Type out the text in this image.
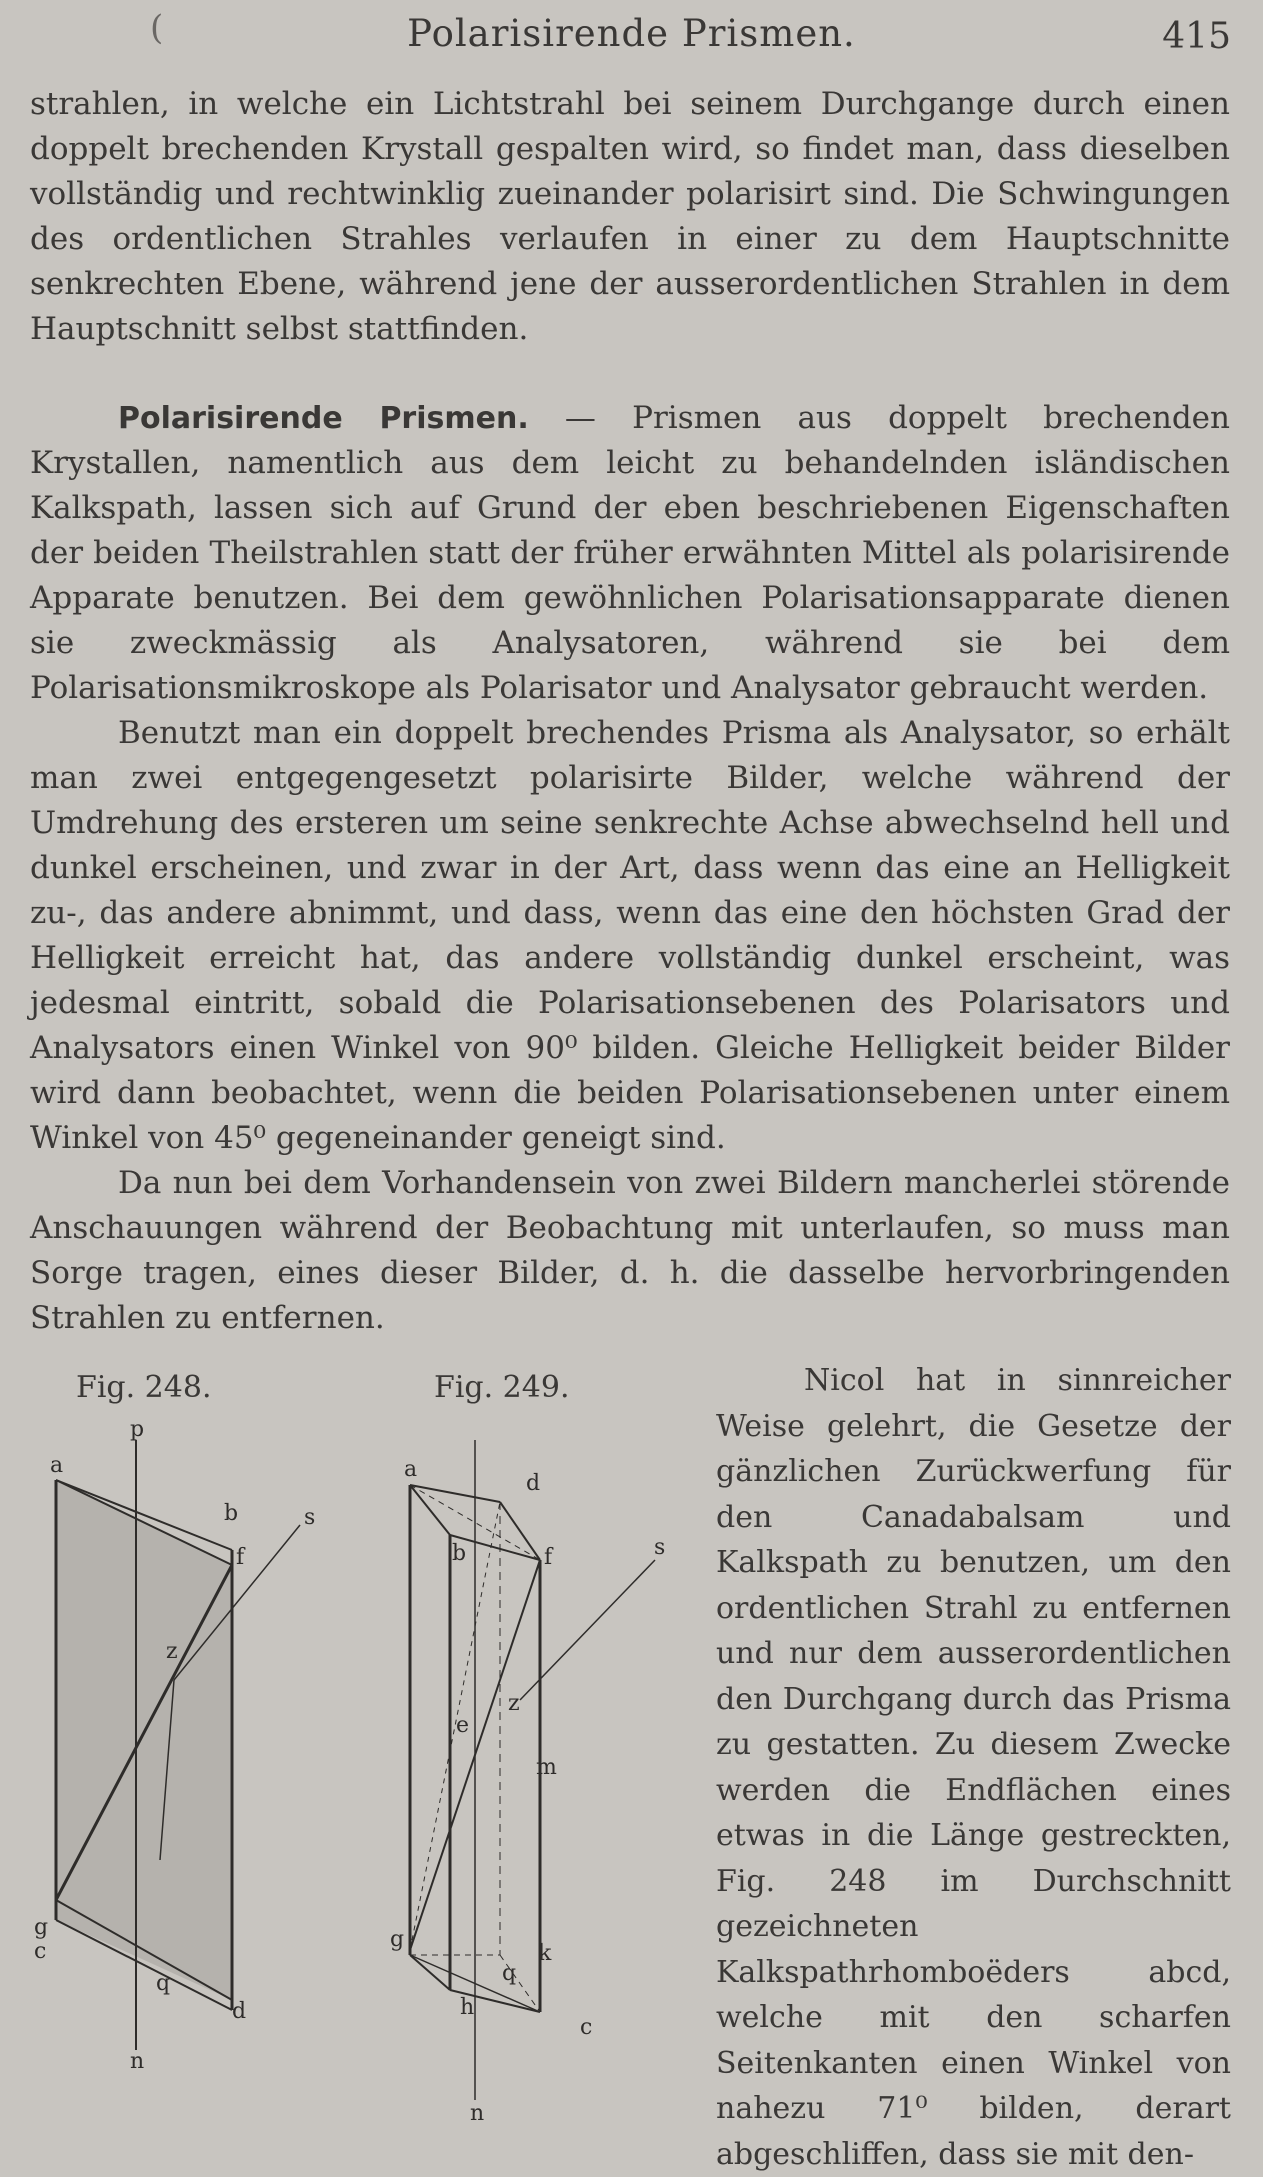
(	Polarisirende Prismen.	415

strahlen, in welche ein Lichtstrahl bei seinem Durchgange durch einen doppelt brechenden Krystall gespalten wird, so findet man, dass dieselben vollständig und rechtwinklig zueinander polarisirt sind. Die Schwingungen des ordentlichen Strahles verlaufen in einer zu dem Hauptschnitte senkrechten Ebene, während jene der ausserordentlichen Strahlen in dem Hauptschnitt selbst stattfinden.

Polarisirende Prismen. — Prismen aus doppelt brechenden Krystallen, namentlich aus dem leicht zu behandelnden isländischen Kalkspath, lassen sich auf Grund der eben beschriebenen Eigenschaften der beiden Theilstrahlen statt der früher erwähnten Mittel als polarisirende Apparate benutzen. Bei dem gewöhnlichen Polarisationsapparate dienen sie zweckmässig als Analysatoren, während sie bei dem Polarisationsmikroskope als Polarisator und Analysator gebraucht werden.

Benutzt man ein doppelt brechendes Prisma als Analysator, so erhält man zwei entgegengesetzt polarisirte Bilder, welche während der Umdrehung des ersteren um seine senkrechte Achse abwechselnd hell und dunkel erscheinen, und zwar in der Art, dass wenn das eine an Helligkeit zu-, das andere abnimmt, und dass, wenn das eine den höchsten Grad der Helligkeit erreicht hat, das andere vollständig dunkel erscheint, was jedesmal eintritt, sobald die Polarisationsebenen des Polarisators und Analysators einen Winkel von 90⁰ bilden. Gleiche Helligkeit beider Bilder wird dann beobachtet, wenn die beiden Polarisationsebenen unter einem Winkel von 45⁰ gegeneinander geneigt sind.

Da nun bei dem Vorhandensein von zwei Bildern mancherlei störende Anschauungen während der Beobachtung mit unterlaufen, so muss man Sorge tragen, eines dieser Bilder, d. h. die dasselbe hervorbringenden Strahlen zu entfernen.

Fig. 248.	Fig. 249.
a
p
b
f
s
z
g
c
q
d
n
a
d
b	f	s
z
e
m
g
k
q
h
c
n

Nicol hat in sinnreicher Weise gelehrt, die Gesetze der gänzlichen Zurückwerfung für den Canadabalsam und Kalkspath zu benutzen, um den ordentlichen Strahl zu entfernen und nur dem ausserordentlichen den Durchgang durch das Prisma zu gestatten. Zu diesem Zwecke werden die Endflächen eines etwas in die Länge gestreckten, Fig. 248 im Durchschnitt gezeichneten Kalkspathrhomboëders abcd, welche mit den scharfen Seitenkanten einen Winkel von nahezu 71⁰ bilden, derart abgeschliffen, dass sie mit den-
